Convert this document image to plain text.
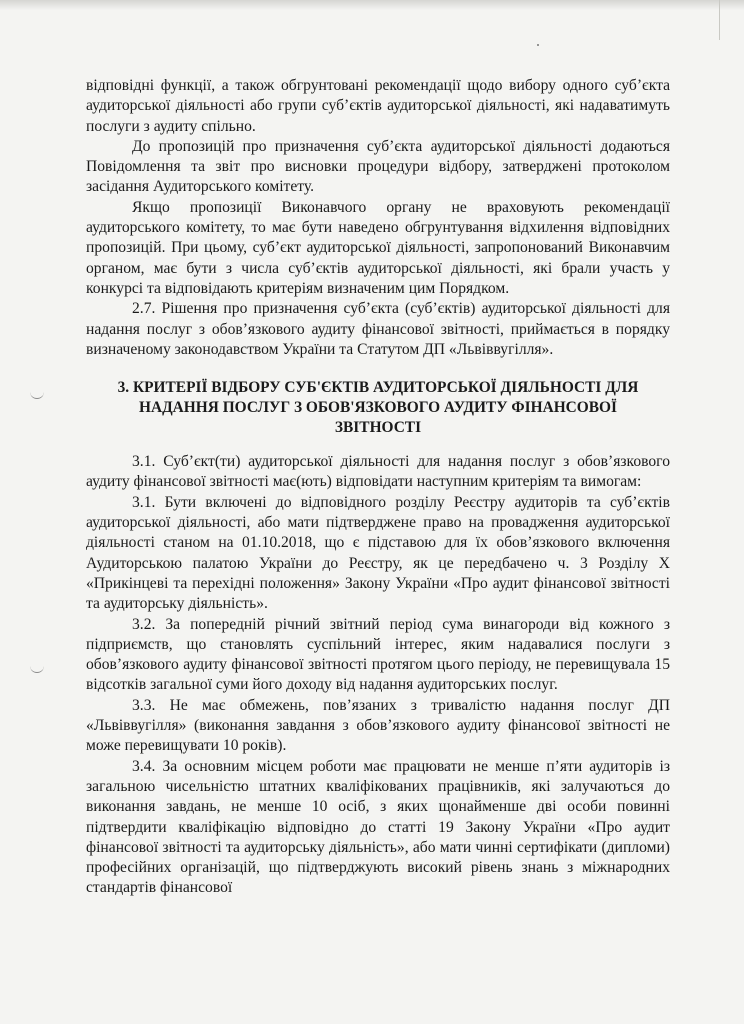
відповідні функції, а також обгрунтовані рекомендації щодо вибору одного суб’єкта аудиторської діяльності або групи суб’єктів аудиторської діяльності, які надаватимуть послуги з аудиту спільно.

До пропозицій про призначення суб’єкта аудиторської діяльності додаються Повідомлення та звіт про висновки процедури відбору, затверджені протоколом засідання Аудиторського комітету.

Якщо пропозиції Виконавчого органу не враховують рекомендації аудиторського комітету, то має бути наведено обгрунтування відхилення відповідних пропозицій. При цьому, суб’єкт аудиторської діяльності, запропонований Виконавчим органом, має бути з числа суб’єктів аудиторської діяльності, які брали участь у конкурсі та відповідають критеріям визначеним цим Порядком.

2.7. Рішення про призначення суб’єкта (суб’єктів) аудиторської діяльності для надання послуг з обов’язкового аудиту фінансової звітності, приймається в порядку визначеному законодавством України та Статутом ДП «Львіввугілля».

3. КРИТЕРІЇ ВІДБОРУ СУБ'ЄКТІВ АУДИТОРСЬКОЇ ДІЯЛЬНОСТІ ДЛЯ
НАДАННЯ ПОСЛУГ З ОБОВ'ЯЗКОВОГО АУДИТУ ФІНАНСОВОЇ
ЗВІТНОСТІ

3.1. Суб’єкт(ти) аудиторської діяльності для надання послуг з обов’язкового аудиту фінансової звітності має(ють) відповідати наступним критеріям та вимогам:

3.1. Бути включені до відповідного розділу Реєстру аудиторів та суб’єктів аудиторської діяльності, або мати підтверджене право на провадження аудиторської діяльності станом на 01.10.2018, що є підставою для їх обов’язкового включення Аудиторською палатою України до Реєстру, як це передбачено ч. 3 Розділу X «Прикінцеві та перехідні положення» Закону України «Про аудит фінансової звітності та аудиторську діяльність».

3.2. За попередній річний звітний період сума винагороди від кожного з підприємств, що становлять суспільний інтерес, яким надавалися послуги з обов’язкового аудиту фінансової звітності протягом цього періоду, не перевищувала 15 відсотків загальної суми його доходу від надання аудиторських послуг.

3.3. Не має обмежень, пов’язаних з тривалістю надання послуг ДП «Львіввугілля» (виконання завдання з обов’язкового аудиту фінансової звітності не може перевищувати 10 років).

3.4. За основним місцем роботи має працювати не менше п’яти аудиторів із загальною чисельністю штатних кваліфікованих працівників, які залучаються до виконання завдань, не менше 10 осіб, з яких щонайменше дві особи повинні підтвердити кваліфікацію відповідно до статті 19 Закону України «Про аудит фінансової звітності та аудиторську діяльність», або мати чинні сертифікати (дипломи) професійних організацій, що підтверджують високий рівень знань з міжнародних стандартів фінансової
